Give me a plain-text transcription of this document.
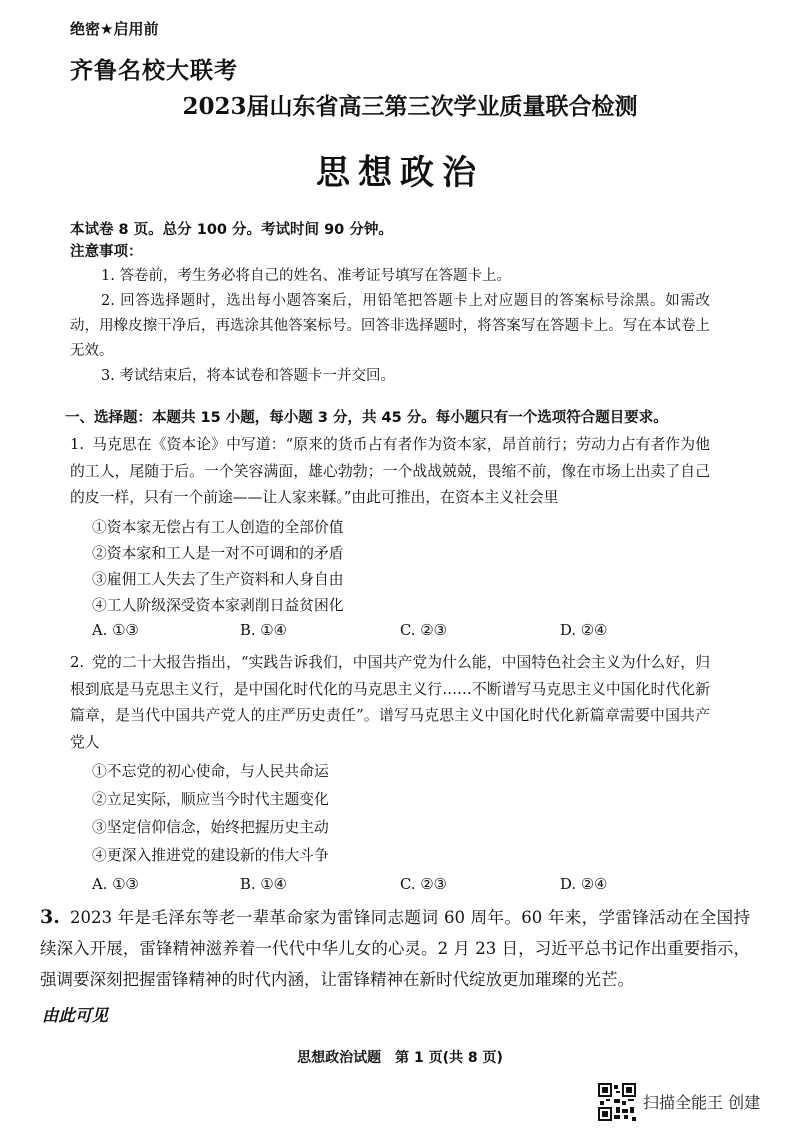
绝密★启用前
齐鲁名校大联考
2023届山东省高三第三次学业质量联合检测
思想政治
本试卷 8 页。总分 100 分。考试时间 90 分钟。
注意事项：
1. 答卷前，考生务必将自己的姓名、准考证号填写在答题卡上。
2. 回答选择题时，选出每小题答案后，用铅笔把答题卡上对应题目的答案标号涂黑。如需改动，用橡皮擦干净后，再选涂其他答案标号。回答非选择题时，将答案写在答题卡上。写在本试卷上无效。
3. 考试结束后，将本试卷和答题卡一并交回。
一、选择题：本题共 15 小题，每小题 3 分，共 45 分。每小题只有一个选项符合题目要求。
1. 马克思在《资本论》中写道：“原来的货币占有者作为资本家，昂首前行；劳动力占有者作为他的工人，尾随于后。一个笑容满面，雄心勃勃；一个战战兢兢，畏缩不前，像在市场上出卖了自己的皮一样，只有一个前途——让人家来鞣。”由此可推出，在资本主义社会里
①资本家无偿占有工人创造的全部价值
②资本家和工人是一对不可调和的矛盾
③雇佣工人失去了生产资料和人身自由
④工人阶级深受资本家剥削日益贫困化
A. ①③	B. ①④	C. ②③	D. ②④
2. 党的二十大报告指出，“实践告诉我们，中国共产党为什么能，中国特色社会主义为什么好，归根到底是马克思主义行，是中国化时代化的马克思主义行……不断谱写马克思主义中国化时代化新篇章，是当代中国共产党人的庄严历史责任”。谱写马克思主义中国化时代化新篇章需要中国共产党人
①不忘党的初心使命，与人民共命运
②立足实际，顺应当今时代主题变化
③坚定信仰信念，始终把握历史主动
④更深入推进党的建设新的伟大斗争
A. ①③	B. ①④	C. ②③	D. ②④
3. 2023 年是毛泽东等老一辈革命家为雷锋同志题词 60 周年。60 年来，学雷锋活动在全国持续深入开展，雷锋精神滋养着一代代中华儿女的心灵。2 月 23 日，习近平总书记作出重要指示，强调要深刻把握雷锋精神的时代内涵，让雷锋精神在新时代绽放更加璀璨的光芒。
由此可见
思想政治试题　第 1 页(共 8 页)
扫描全能王 创建
